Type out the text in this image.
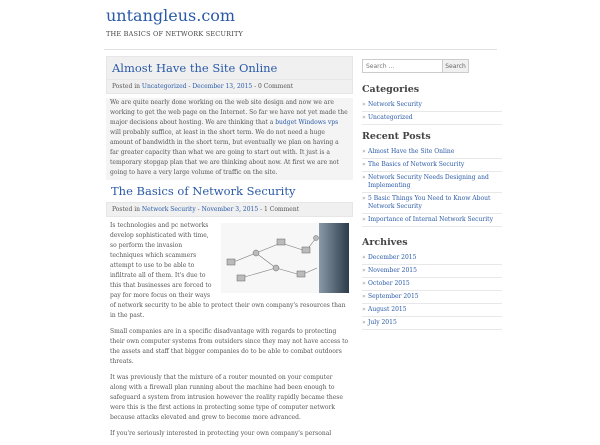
untangleus.com
THE BASICS OF NETWORK SECURITY
Almost Have the Site Online
Posted in Uncategorized - December 13, 2015 - 0 Comment

We are quite nearly done working on the web site design and now we are working to get the web page on the Internet. So far we have not yet made the major decisions about hosting. We are thinking that a budget Windows vps will probably suffice, at least in the short term. We do not need a huge amount of bandwidth in the short term, but eventually we plan on having a far greater capacity than what we are going to start out with. It just is a temporary stopgap plan that we are thinking about now. At first we are not going to have a very large volume of traffic on the site.

The Basics of Network Security
Posted in Network Security - November 3, 2015 - 1 Comment

Is technologies and pc networks develop sophisticated with time, so perform the invasion techniques which scammers attempt to use to be able to infiltrate all of them. It's due to this that businesses are forced to pay for more focus on their ways of network security to be able to protect their own company's resources than in the past.

Small companies are in a specific disadvantage with regards to protecting their own computer systems from outsiders since they may not have access to the assets and staff that bigger companies do to be able to combat outdoors threats.

It was previously that the mixture of a router mounted on your computer along with a firewall plan running about the machine had been enough to safeguard a system from intrusion however the reality rapidly became these were this is the first actions in protecting some type of computer network because attacks elevated and grew to become more advanced.

If you're seriously interested in protecting your own company's personal

Search ...
Search
Categories
» Network Security
» Uncategorized
Recent Posts
» Almost Have the Site Online
» The Basics of Network Security
» Network Security Needs Designing and Implementing
» 5 Basic Things You Need to Know About Network Security
» Importance of Internal Network Security
Archives
» December 2015
» November 2015
» October 2015
» September 2015
» August 2015
» July 2015
